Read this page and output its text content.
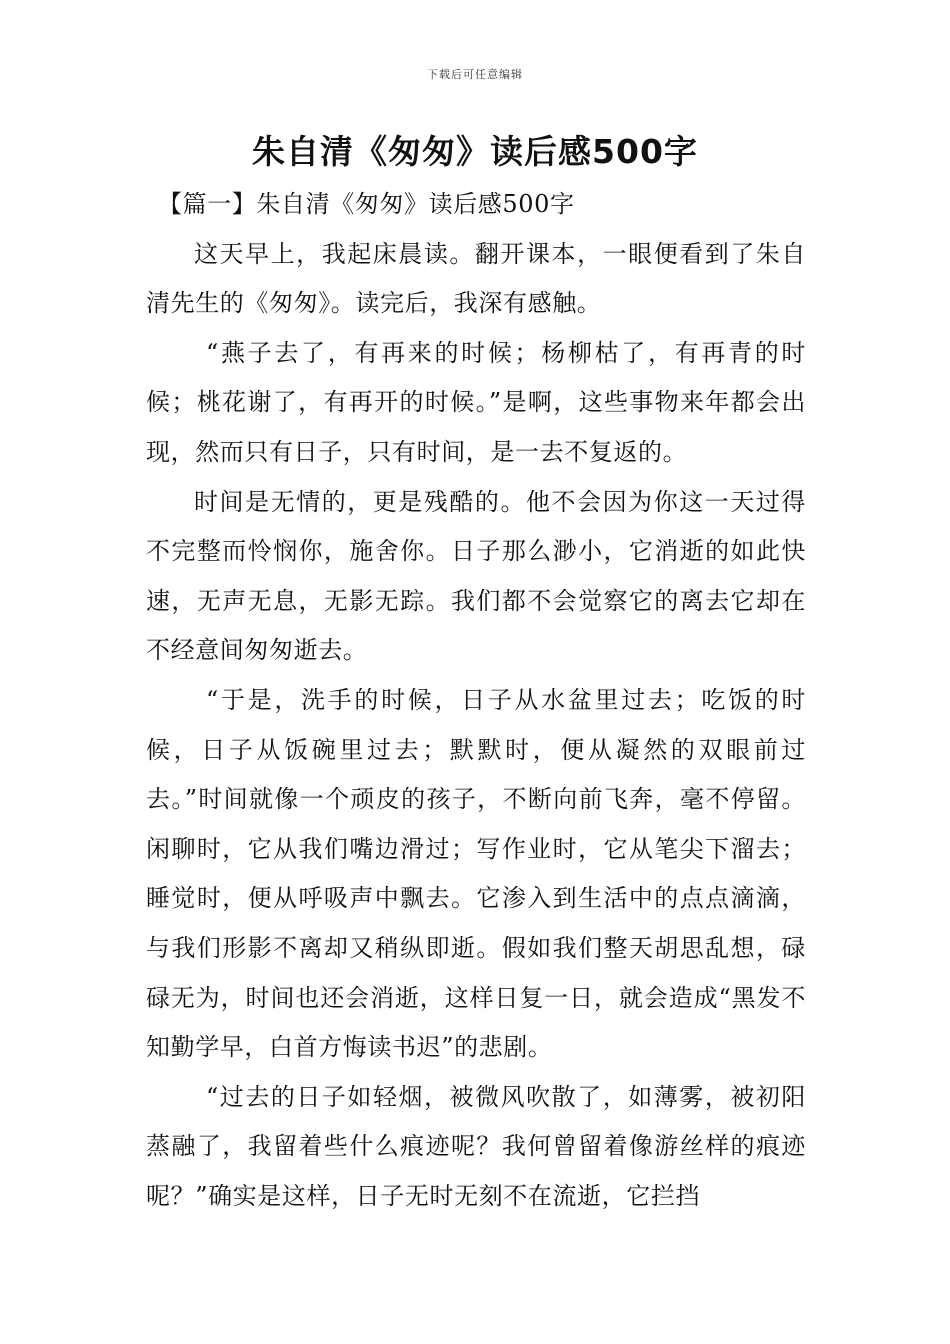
下载后可任意编辑
朱自清《匆匆》读后感500字

【篇一】朱自清《匆匆》读后感500字

这天早上，我起床晨读。翻开课本，一眼便看到了朱自清先生的《匆匆》。读完后，我深有感触。

“燕子去了，有再来的时候；杨柳枯了，有再青的时候；桃花谢了，有再开的时候。”是啊，这些事物来年都会出现，然而只有日子，只有时间，是一去不复返的。

时间是无情的，更是残酷的。他不会因为你这一天过得不完整而怜悯你，施舍你。日子那么渺小，它消逝的如此快速，无声无息，无影无踪。我们都不会觉察它的离去它却在不经意间匆匆逝去。

“于是，洗手的时候，日子从水盆里过去；吃饭的时候，日子从饭碗里过去；默默时，便从凝然的双眼前过去。”时间就像一个顽皮的孩子，不断向前飞奔，毫不停留。闲聊时，它从我们嘴边滑过；写作业时，它从笔尖下溜去；睡觉时，便从呼吸声中飘去。它渗入到生活中的点点滴滴，与我们形影不离却又稍纵即逝。假如我们整天胡思乱想，碌碌无为，时间也还会消逝，这样日复一日，就会造成“黑发不知勤学早，白首方悔读书迟”的悲剧。

“过去的日子如轻烟，被微风吹散了，如薄雾，被初阳蒸融了，我留着些什么痕迹呢？我何曾留着像游丝样的痕迹呢？”确实是这样，日子无时无刻不在流逝，它拦挡
